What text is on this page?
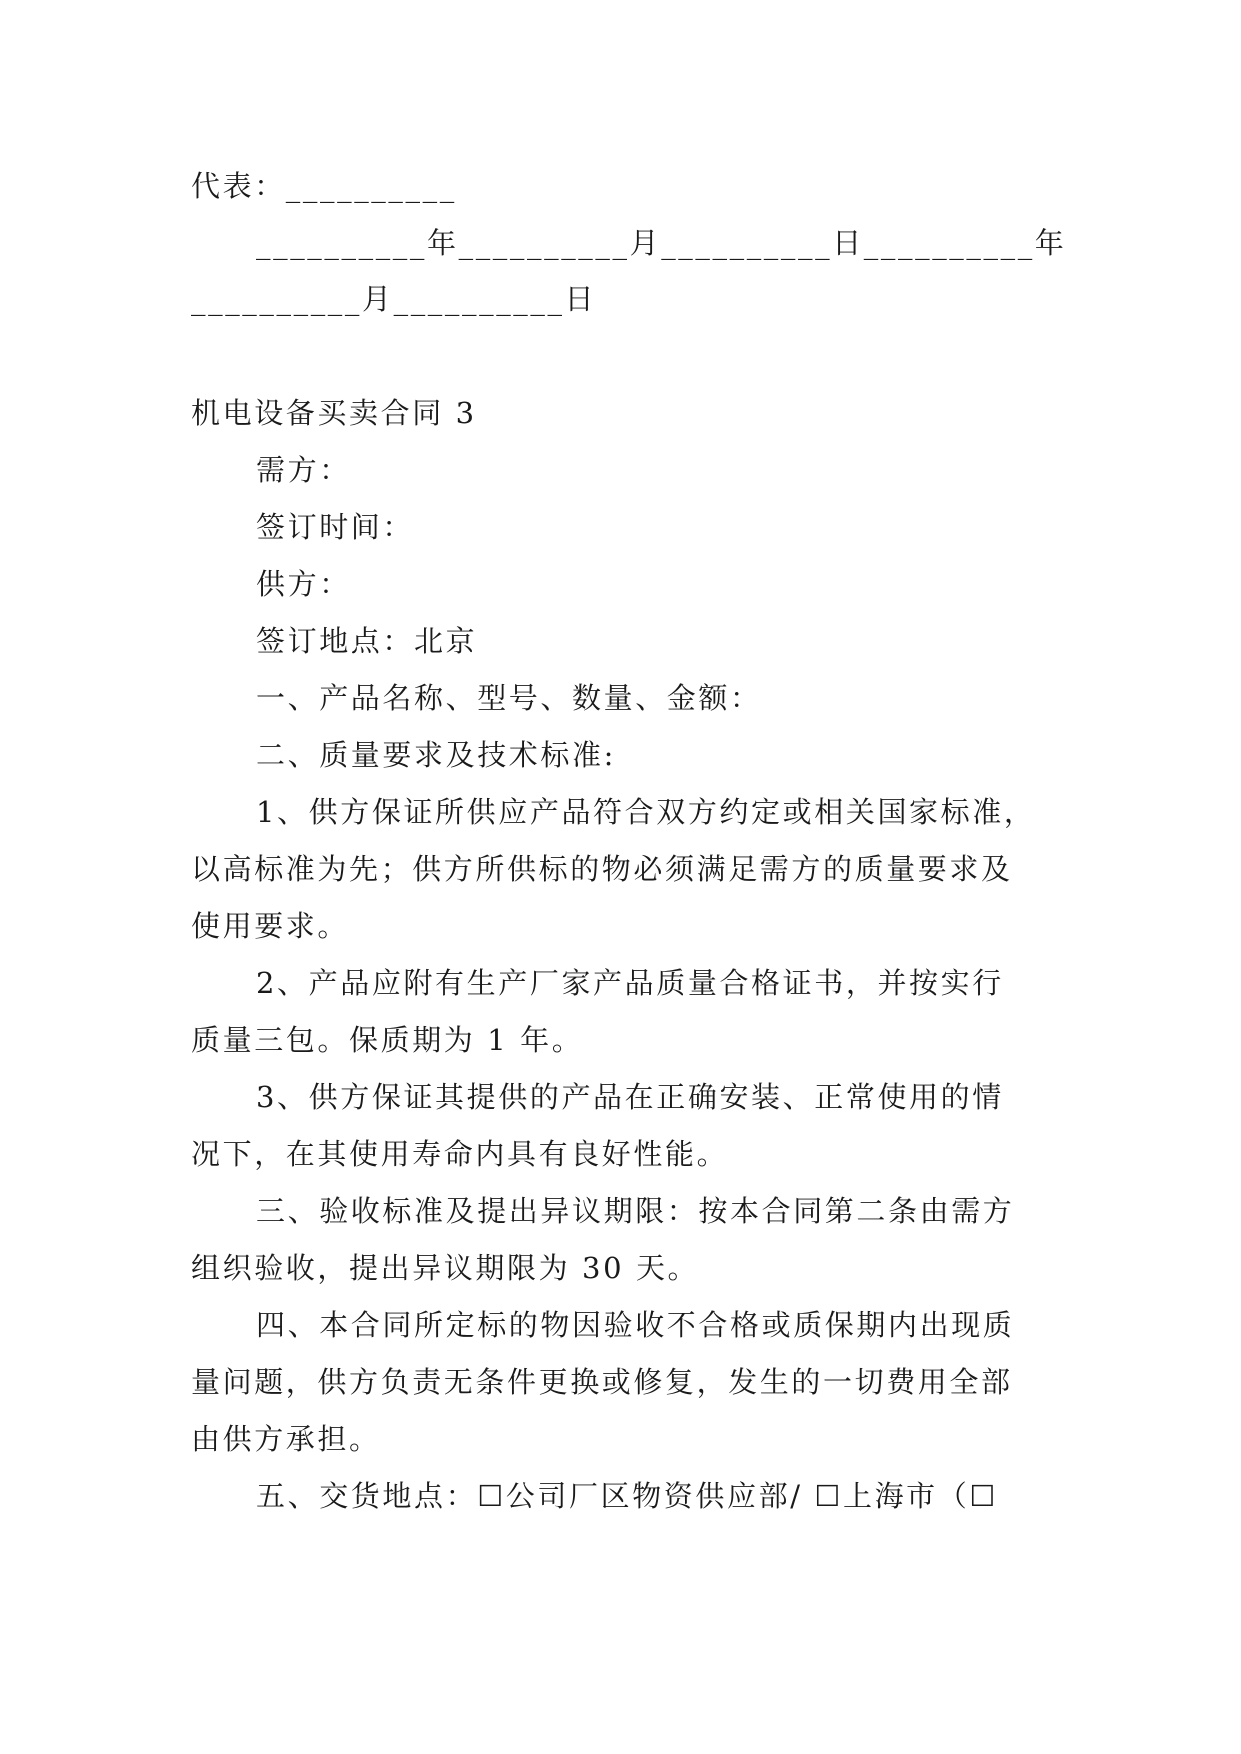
代表：__________
__________年__________月__________日__________年
__________月__________日
机电设备买卖合同 3
需方：
签订时间：
供方：
签订地点：北京
一、产品名称、型号、数量、金额：
二、质量要求及技术标准:
1、供方保证所供应产品符合双方约定或相关国家标准，
以高标准为先；供方所供标的物必须满足需方的质量要求及
使用要求。
2、产品应附有生产厂家产品质量合格证书，并按实行
质量三包。保质期为 1 年。
3、供方保证其提供的产品在正确安装、正常使用的情
况下，在其使用寿命内具有良好性能。
三、验收标准及提出异议期限：按本合同第二条由需方
组织验收，提出异议期限为 30 天。
四、本合同所定标的物因验收不合格或质保期内出现质
量问题，供方负责无条件更换或修复，发生的一切费用全部
由供方承担。
五、交货地点：☐公司厂区物资供应部/ ☐上海市（☐
